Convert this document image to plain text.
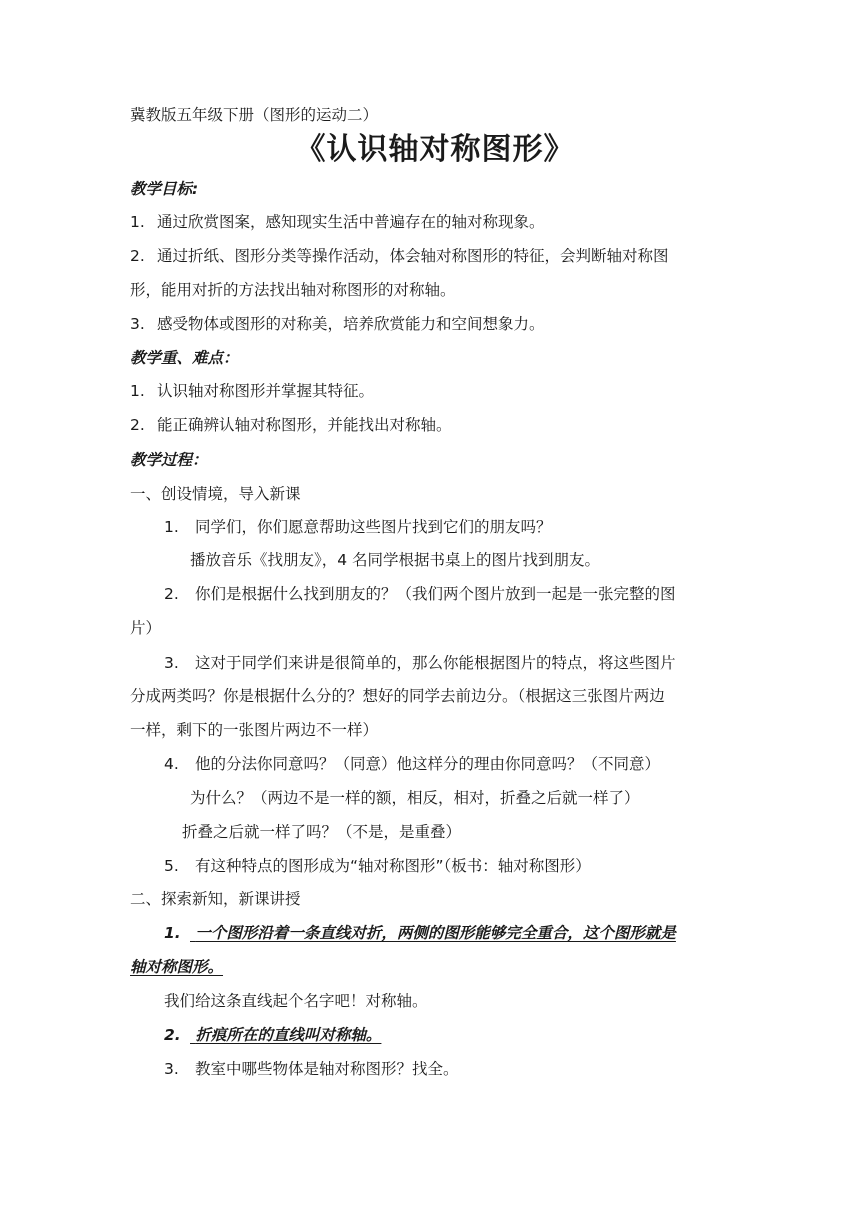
冀教版五年级下册（图形的运动二）
《认识轴对称图形》
教学目标:
1. 通过欣赏图案，感知现实生活中普遍存在的轴对称现象。
2. 通过折纸、图形分类等操作活动，体会轴对称图形的特征，会判断轴对称图
形，能用对折的方法找出轴对称图形的对称轴。
3. 感受物体或图形的对称美，培养欣赏能力和空间想象力。
教学重、难点：
1. 认识轴对称图形并掌握其特征。
2. 能正确辨认轴对称图形，并能找出对称轴。
教学过程：
一、创设情境，导入新课
1. 同学们，你们愿意帮助这些图片找到它们的朋友吗？
播放音乐《找朋友》，4 名同学根据书桌上的图片找到朋友。
2. 你们是根据什么找到朋友的？（我们两个图片放到一起是一张完整的图
片）
3. 这对于同学们来讲是很简单的，那么你能根据图片的特点，将这些图片
分成两类吗？你是根据什么分的？想好的同学去前边分。（根据这三张图片两边
一样，剩下的一张图片两边不一样）
4. 他的分法你同意吗？（同意）他这样分的理由你同意吗？（不同意）
为什么？（两边不是一样的额，相反，相对，折叠之后就一样了）
折叠之后就一样了吗？（不是，是重叠）
5. 有这种特点的图形成为“轴对称图形”（板书：轴对称图形）
二、探索新知，新课讲授
1. 一个图形沿着一条直线对折，两侧的图形能够完全重合，这个图形就是
轴对称图形。
我们给这条直线起个名字吧！对称轴。
2. 折痕所在的直线叫对称轴。
3. 教室中哪些物体是轴对称图形？找全。
